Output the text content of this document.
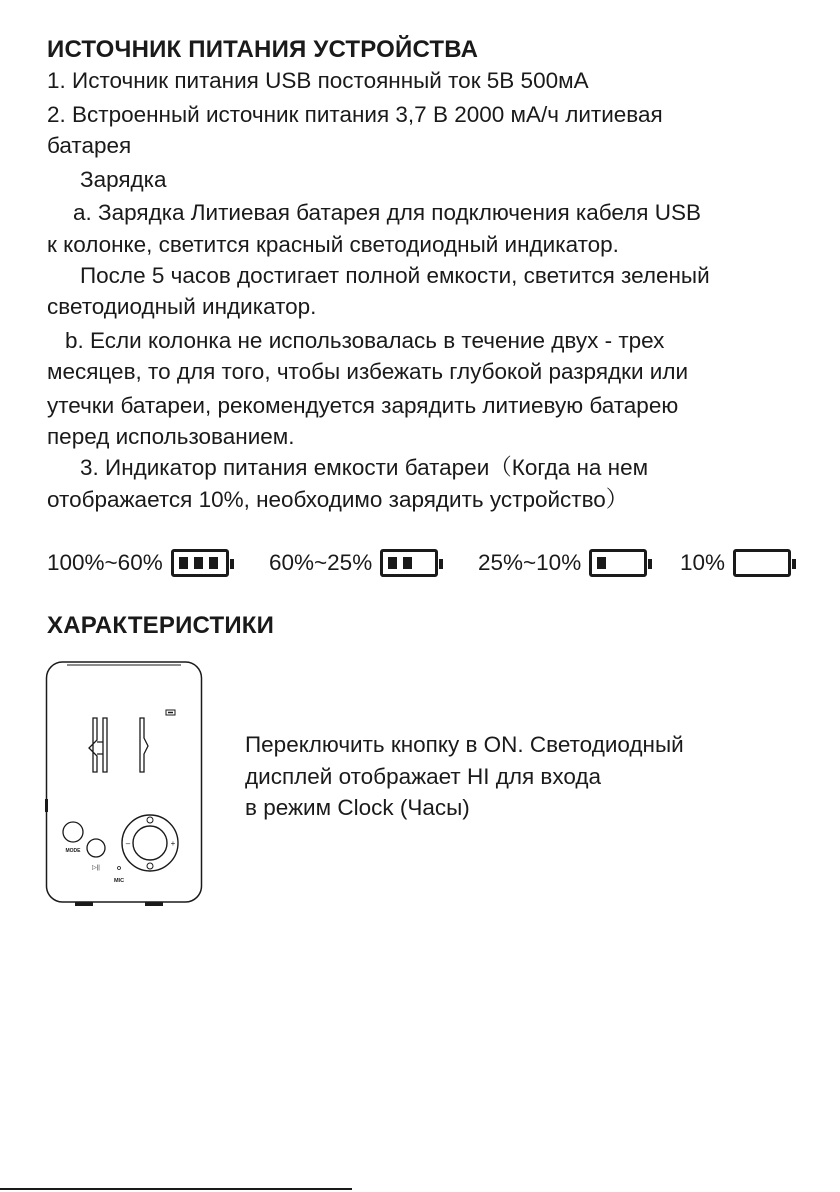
ИСТОЧНИК ПИТАНИЯ УСТРОЙСТВА
1. Источник питания USB постоянный ток 5В 500мА
2. Встроенный источник питания 3,7 В 2000 мА/ч литиевая
батарея
Зарядка
a. Зарядка Литиевая батарея для подключения кабеля USB
к колонке, светится красный светодиодный индикатор.
После 5 часов достигает полной емкости, светится зеленый
светодиодный индикатор.
b. Если колонка не использовалась в течение двух - трех
месяцев, то для того, чтобы избежать глубокой разрядки или
утечки батареи, рекомендуется зарядить литиевую батарею
перед использованием.
3. Индикатор питания емкости батареи（Когда на нем
отображается 10%, необходимо зарядить устройство）
100%~60%	60%~25%	25%~10%	10%
ХАРАКТЕРИСТИКИ
MODE
▷||
MIC
–	+
Переключить кнопку в ON. Светодиодный
дисплей отображает HI для входа
в режим Clock (Часы)
